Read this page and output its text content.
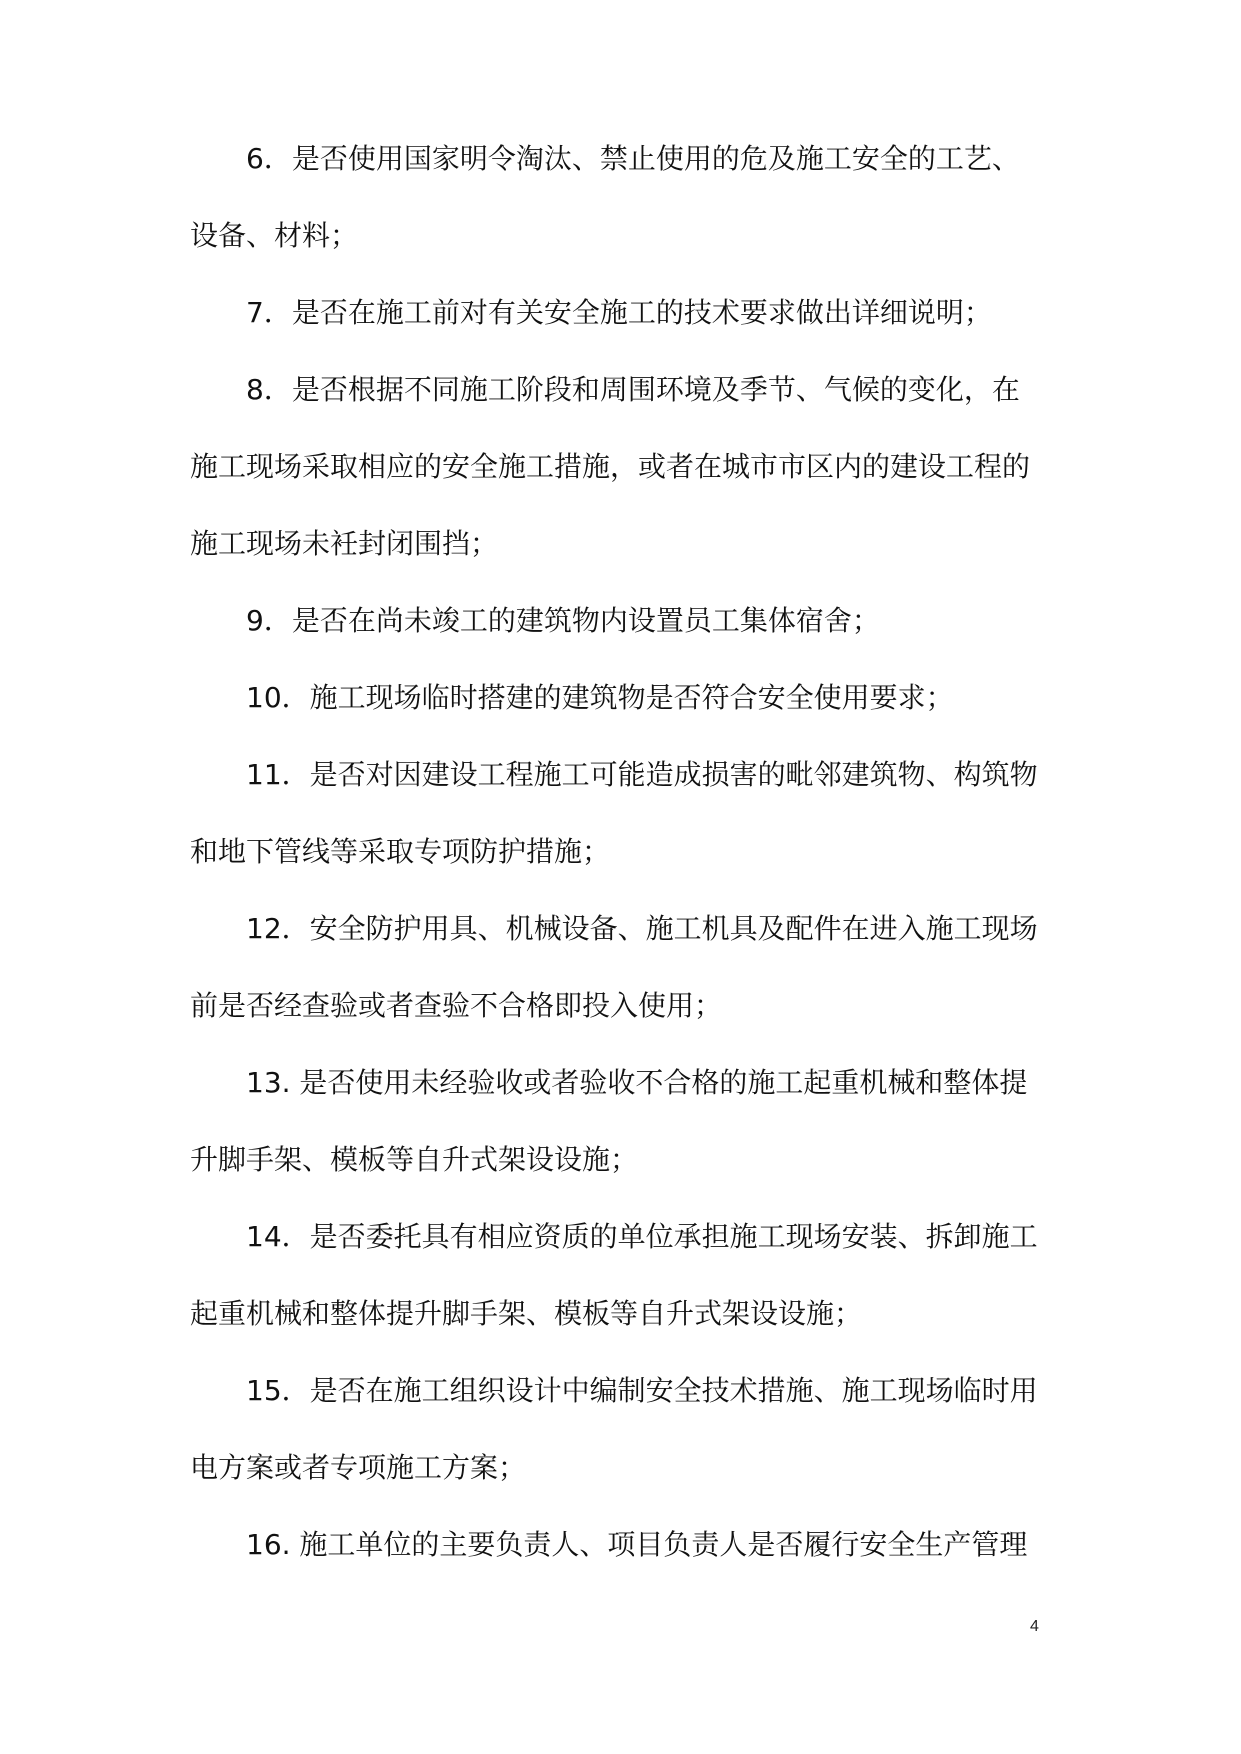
6．是否使用国家明令淘汰、禁止使用的危及施工安全的工艺、
设备、材料；
7．是否在施工前对有关安全施工的技术要求做出详细说明；
8．是否根据不同施工阶段和周围环境及季节、气候的变化，在
施工现场采取相应的安全施工措施，或者在城市市区内的建设工程的
施工现场未衽封闭围挡；
9．是否在尚未竣工的建筑物内设置员工集体宿舍；
10．施工现场临时搭建的建筑物是否符合安全使用要求；
11．是否对因建设工程施工可能造成损害的毗邻建筑物、构筑物
和地下管线等采取专项防护措施；
12．安全防护用具、机械设备、施工机具及配件在进入施工现场
前是否经查验或者查验不合格即投入使用；
13. 是否使用未经验收或者验收不合格的施工起重机械和整体提
升脚手架、模板等自升式架设设施；
14．是否委托具有相应资质的单位承担施工现场安装、拆卸施工
起重机械和整体提升脚手架、模板等自升式架设设施；
15．是否在施工组织设计中编制安全技术措施、施工现场临时用
电方案或者专项施工方案；
16. 施工单位的主要负责人、项目负责人是否履行安全生产管理
4
